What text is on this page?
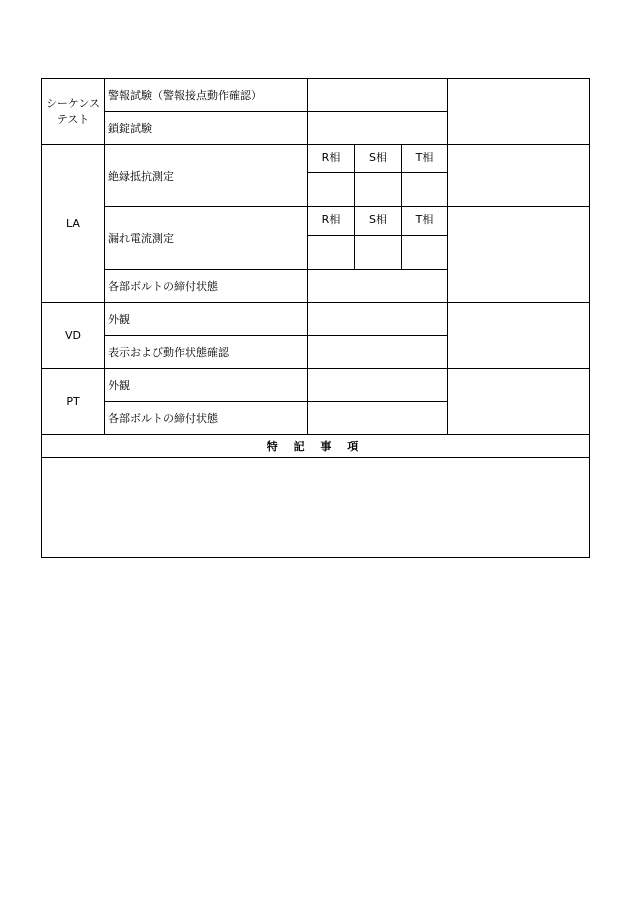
シーケンス
テスト	警報試験（警報接点動作確認）				
	鎖錠試験				
LA	絶縁抵抗測定	R相	S相	T相	

	漏れ電流測定	R相	S相	T相	

	各部ボルトの締付状態				
VD	外観				
	表示および動作状態確認				
PT	外観				
	各部ボルトの締付状態				
特 記 事 項					
